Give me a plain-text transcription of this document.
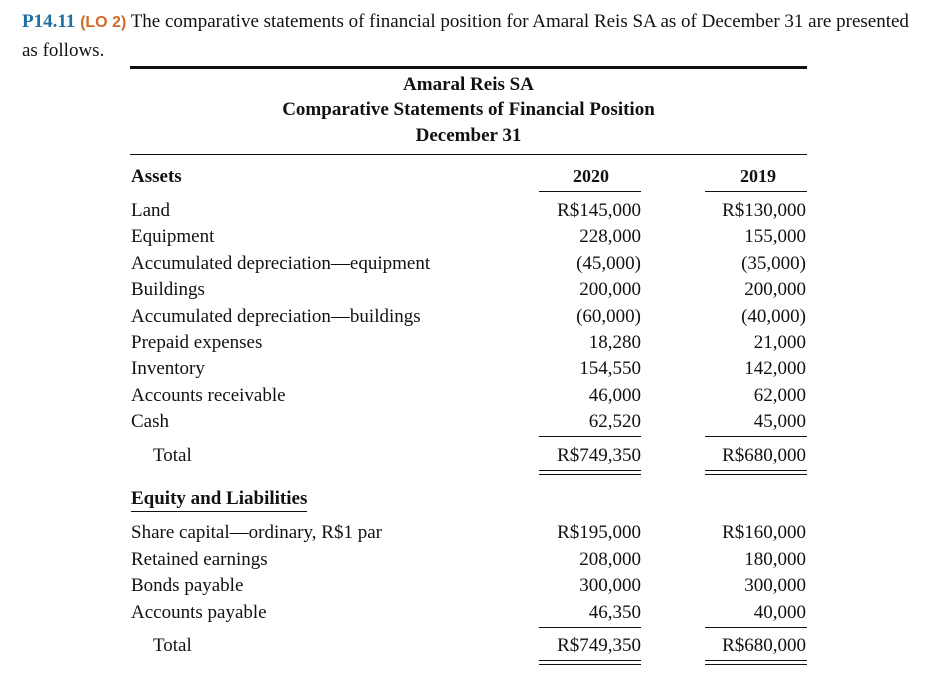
P14.11 (LO 2) The comparative statements of financial position for Amaral Reis SA as of December 31 are presented as follows.
Amaral Reis SA
Comparative Statements of Financial Position
December 31
Assets	2020	2019
Land	R$145,000	R$130,000
Equipment	228,000	155,000
Accumulated depreciation—equipment	(45,000)	(35,000)
Buildings	200,000	200,000
Accumulated depreciation—buildings	(60,000)	(40,000)
Prepaid expenses	18,280	21,000
Inventory	154,550	142,000
Accounts receivable	46,000	62,000
Cash	62,520	45,000
Total	R$749,350	R$680,000
Equity and Liabilities
Share capital—ordinary, R$1 par	R$195,000	R$160,000
Retained earnings	208,000	180,000
Bonds payable	300,000	300,000
Accounts payable	46,350	40,000
Total	R$749,350	R$680,000
